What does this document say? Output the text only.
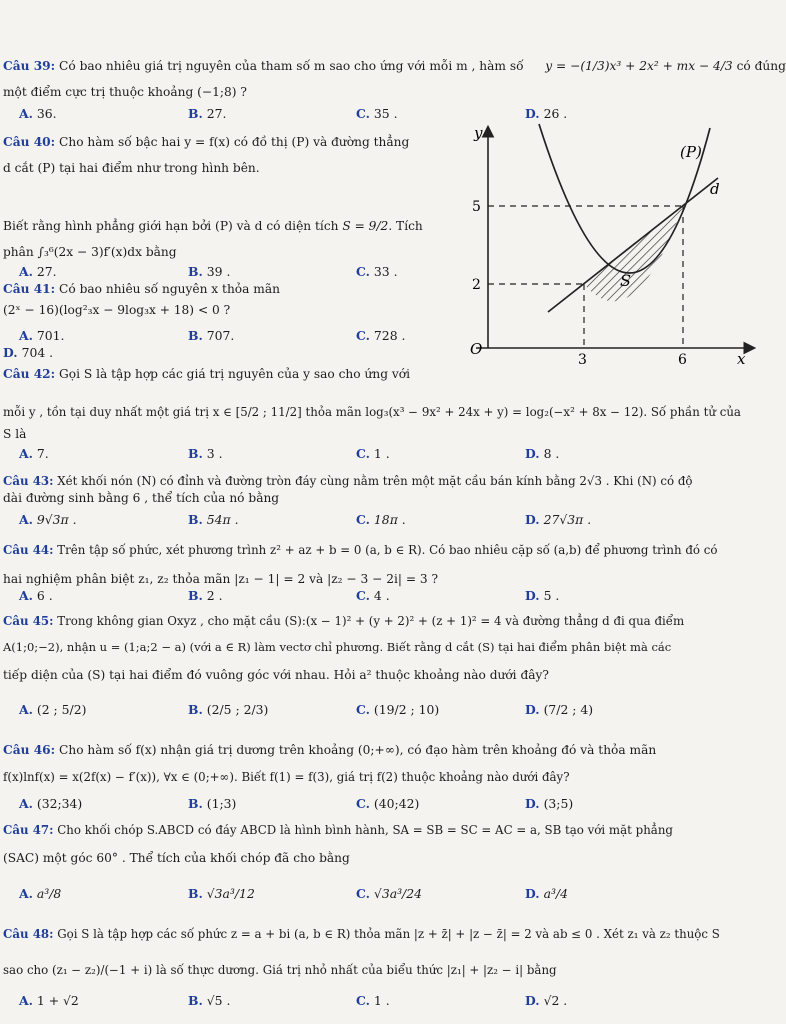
Câu 39: Có bao nhiêu giá trị nguyên của tham số m sao cho ứng với mỗi m , hàm số y = −(1/3)x³ + 2x² + mx − 4/3 có đúng
một điểm cực trị thuộc khoảng (−1;8) ?
A. 36.	B. 27.	C. 35 .	D. 26 .
Câu 40: Cho hàm số bậc hai y = f(x) có đồ thị (P) và đường thẳng
d cắt (P) tại hai điểm như trong hình bên.
Biết rằng hình phẳng giới hạn bởi (P) và d có diện tích S = 9/2. Tích
phân ∫₃⁶(2x − 3)f′(x)dx bằng
A. 27.	B. 39 .	C. 33 .
Câu 41: Có bao nhiêu số nguyên x thỏa mãn
(2ˣ − 16)(log²₃x − 9log₃x + 18) < 0 ?
A. 701.	B. 707.	C. 728 .
D. 704 .
y
x
O
(P)
d
S
3	6
2
5
Câu 42: Gọi S là tập hợp các giá trị nguyên của y sao cho ứng với
mỗi y , tồn tại duy nhất một giá trị x ∈ [5/2 ; 11/2] thỏa mãn log₃(x³ − 9x² + 24x + y) = log₂(−x² + 8x − 12). Số phần tử của
S là
A. 7.	B. 3 .	C. 1 .	D. 8 .
Câu 43: Xét khối nón (N) có đỉnh và đường tròn đáy cùng nằm trên một mặt cầu bán kính bằng 2√3 . Khi (N) có độ
dài đường sinh bằng 6 , thể tích của nó bằng
A. 9√3π .	B. 54π .	C. 18π .	D. 27√3π .
Câu 44: Trên tập số phức, xét phương trình z² + az + b = 0 (a, b ∈ R). Có bao nhiêu cặp số (a,b) để phương trình đó có
hai nghiệm phân biệt z₁, z₂ thỏa mãn |z₁ − 1| = 2 và |z₂ − 3 − 2i| = 3 ?
A. 6 .	B. 2 .	C. 4 .	D. 5 .
Câu 45: Trong không gian Oxyz , cho mặt cầu (S):(x − 1)² + (y + 2)² + (z + 1)² = 4 và đường thẳng d đi qua điểm
A(1;0;−2), nhận u = (1;a;2 − a) (với a ∈ R) làm vectơ chỉ phương. Biết rằng d cắt (S) tại hai điểm phân biệt mà các
tiếp diện của (S) tại hai điểm đó vuông góc với nhau. Hỏi a² thuộc khoảng nào dưới đây?
A. (2 ; 5/2)	B. (2/5 ; 2/3)	C. (19/2 ; 10)	D. (7/2 ; 4)
Câu 46: Cho hàm số f(x) nhận giá trị dương trên khoảng (0;+∞), có đạo hàm trên khoảng đó và thỏa mãn
f(x)lnf(x) = x(2f(x) − f′(x)), ∀x ∈ (0;+∞). Biết f(1) = f(3), giá trị f(2) thuộc khoảng nào dưới đây?
A. (32;34)	B. (1;3)	C. (40;42)	D. (3;5)
Câu 47: Cho khối chóp S.ABCD có đáy ABCD là hình bình hành, SA = SB = SC = AC = a, SB tạo với mặt phẳng
(SAC) một góc 60° . Thể tích của khối chóp đã cho bằng
A. a³/8	B. √3a³/12	C. √3a³/24	D. a³/4
Câu 48: Gọi S là tập hợp các số phức z = a + bi (a, b ∈ R) thỏa mãn |z + z̄| + |z − z̄| = 2 và ab ≤ 0 . Xét z₁ và z₂ thuộc S
sao cho (z₁ − z₂)/(−1 + i) là số thực dương. Giá trị nhỏ nhất của biểu thức |z₁| + |z₂ − i| bằng
A. 1 + √2	B. √5 .	C. 1 .	D. √2 .
